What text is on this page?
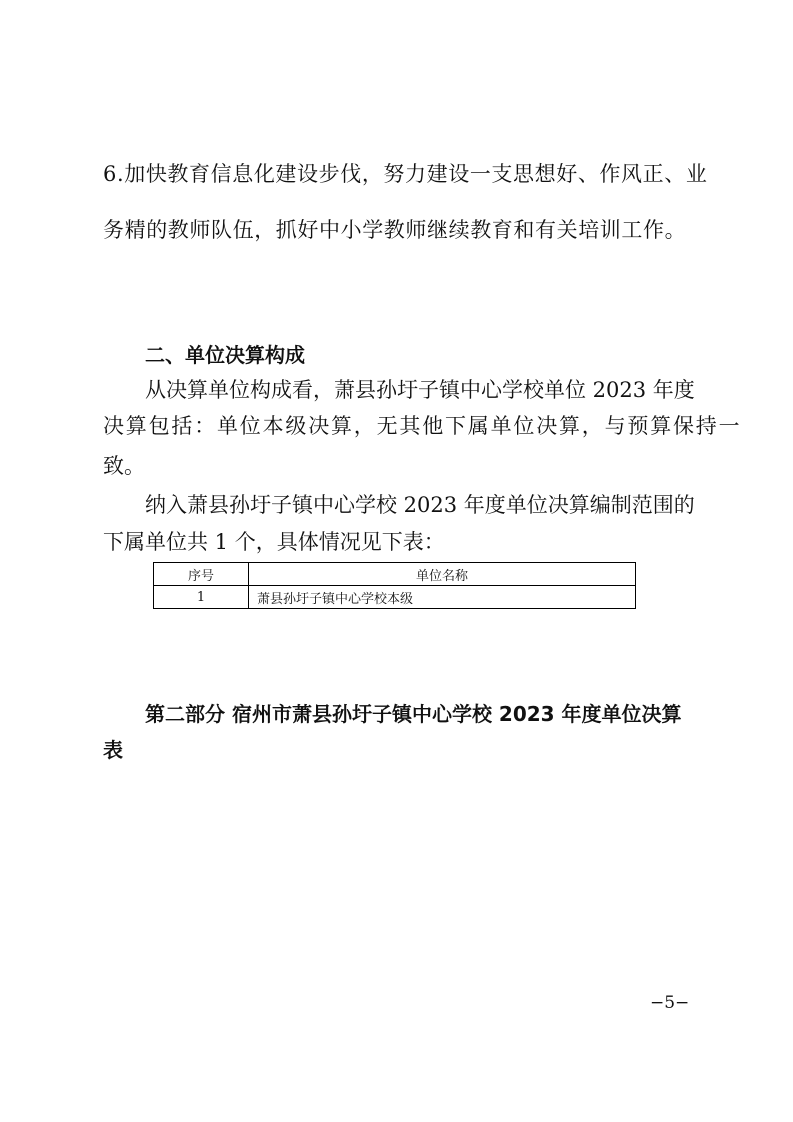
6.加快教育信息化建设步伐，努力建设一支思想好、作风正、业
务精的教师队伍，抓好中小学教师继续教育和有关培训工作。
二、单位决算构成
从决算单位构成看，萧县孙圩子镇中心学校单位 2023 年度
决算包括：单位本级决算，无其他下属单位决算，与预算保持一
致。
纳入萧县孙圩子镇中心学校 2023 年度单位决算编制范围的
下属单位共 1 个，具体情况见下表：
序号	单位名称
1	萧县孙圩子镇中心学校本级
第二部分 宿州市萧县孙圩子镇中心学校 2023 年度单位决算
表
−5−
